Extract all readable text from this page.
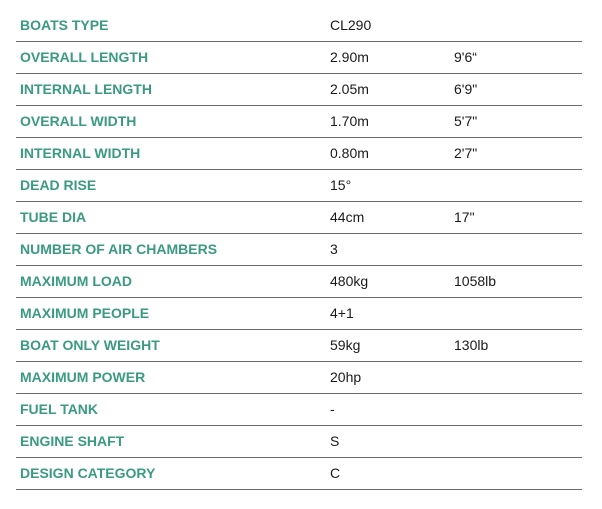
BOATS TYPE	CL290
OVERALL LENGTH	2.90m	9'6“
INTERNAL LENGTH	2.05m	6'9"
OVERALL WIDTH	1.70m	5'7"
INTERNAL WIDTH	0.80m	2'7"
DEAD RISE	15°
TUBE DIA	44cm	17"
NUMBER OF AIR CHAMBERS	3
MAXIMUM LOAD	480kg	1058lb
MAXIMUM PEOPLE	4+1
BOAT ONLY WEIGHT	59kg	130lb
MAXIMUM POWER	20hp
FUEL TANK	-
ENGINE SHAFT	S
DESIGN CATEGORY	C
